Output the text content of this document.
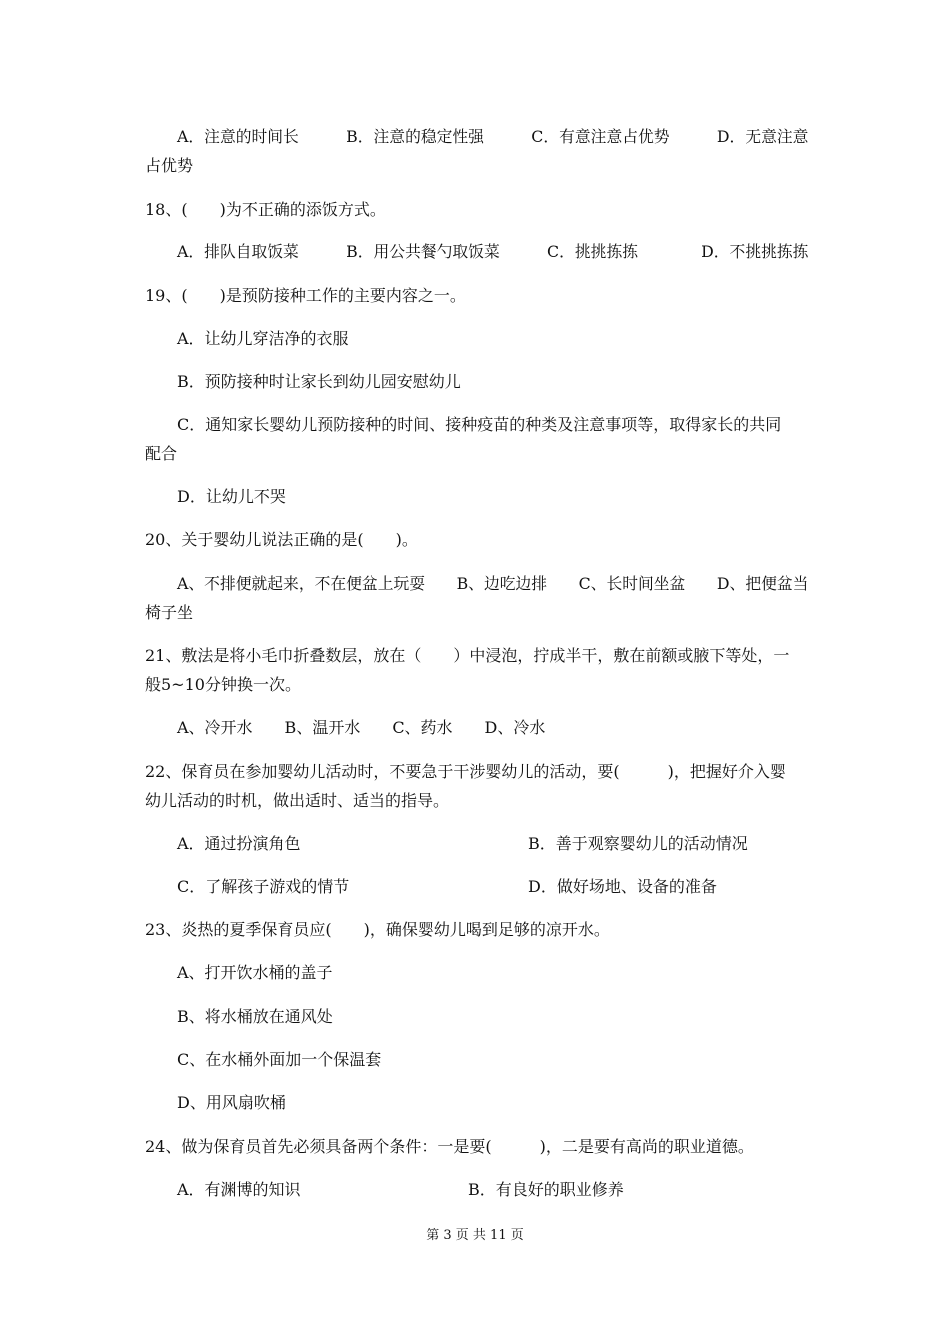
A．注意的时间长　　　B．注意的稳定性强　　　C．有意注意占优势　　　D．无意注意
占优势
18、(　　)为不正确的添饭方式。
A．排队自取饭菜　　　B．用公共餐勺取饭菜　　　C．挑挑拣拣　　　　D．不挑挑拣拣
19、(　　)是预防接种工作的主要内容之一。
A．让幼儿穿洁净的衣服
B．预防接种时让家长到幼儿园安慰幼儿
C．通知家长婴幼儿预防接种的时间、接种疫苗的种类及注意事项等，取得家长的共同
配合
D．让幼儿不哭
20、关于婴幼儿说法正确的是(　　)。
A、不排便就起来，不在便盆上玩耍　　B、边吃边排　　C、长时间坐盆　　D、把便盆当
椅子坐
21、敷法是将小毛巾折叠数层，放在（　　）中浸泡，拧成半干，敷在前额或腋下等处，一
般5~10分钟换一次。
A、冷开水　　B、温开水　　C、药水　　D、冷水
22、保育员在参加婴幼儿活动时，不要急于干涉婴幼儿的活动，要(　　　)，把握好介入婴
幼儿活动的时机，做出适时、适当的指导。
A．通过扮演角色	B．善于观察婴幼儿的活动情况
C．了解孩子游戏的情节	D．做好场地、设备的准备
23、炎热的夏季保育员应(　　)，确保婴幼儿喝到足够的凉开水。
A、打开饮水桶的盖子
B、将水桶放在通风处
C、在水桶外面加一个保温套
D、用风扇吹桶
24、做为保育员首先必须具备两个条件：一是要(　　　)，二是要有高尚的职业道德。
A．有渊博的知识	B．有良好的职业修养
第 3 页 共 11 页
